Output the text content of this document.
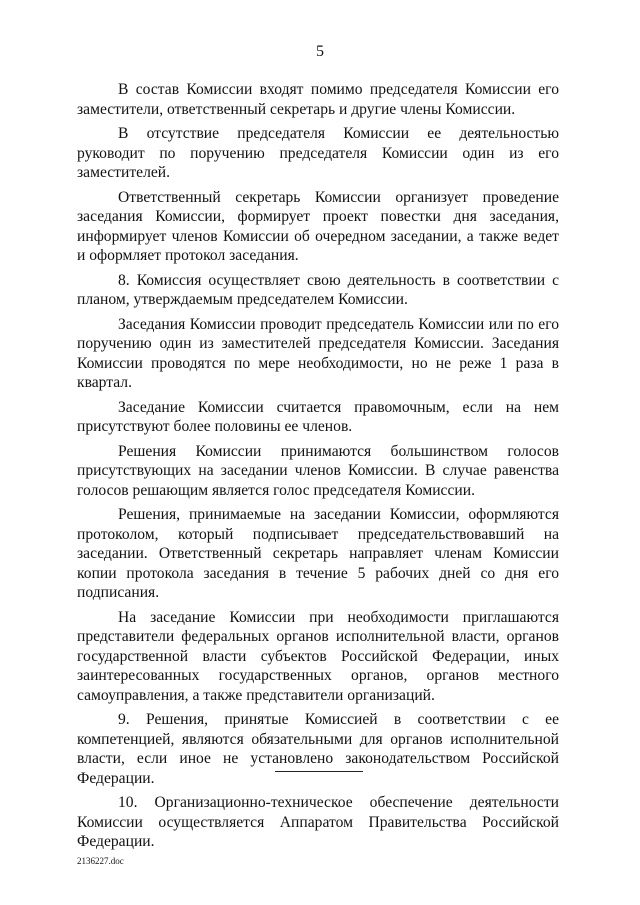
5

В состав Комиссии входят помимо председателя Комиссии его заместители, ответственный секретарь и другие члены Комиссии.

В отсутствие председателя Комиссии ее деятельностью руководит по поручению председателя Комиссии один из его заместителей.

Ответственный секретарь Комиссии организует проведение заседания Комиссии, формирует проект повестки дня заседания, информирует членов Комиссии об очередном заседании, а также ведет и оформляет протокол заседания.

8. Комиссия осуществляет свою деятельность в соответствии с планом, утверждаемым председателем Комиссии.

Заседания Комиссии проводит председатель Комиссии или по его поручению один из заместителей председателя Комиссии. Заседания Комиссии проводятся по мере необходимости, но не реже 1 раза в квартал.

Заседание Комиссии считается правомочным, если на нем присутствуют более половины ее членов.

Решения Комиссии принимаются большинством голосов присутствующих на заседании членов Комиссии. В случае равенства голосов решающим является голос председателя Комиссии.

Решения, принимаемые на заседании Комиссии, оформляются протоколом, который подписывает председательствовавший на заседании. Ответственный секретарь направляет членам Комиссии копии протокола заседания в течение 5 рабочих дней со дня его подписания.

На заседание Комиссии при необходимости приглашаются представители федеральных органов исполнительной власти, органов государственной власти субъектов Российской Федерации, иных заинтересованных государственных органов, органов местного самоуправления, а также представители организаций.

9. Решения, принятые Комиссией в соответствии с ее компетенцией, являются обязательными для органов исполнительной власти, если иное не установлено законодательством Российской Федерации.

10. Организационно-техническое обеспечение деятельности Комиссии осуществляется Аппаратом Правительства Российской Федерации.

2136227.doc
